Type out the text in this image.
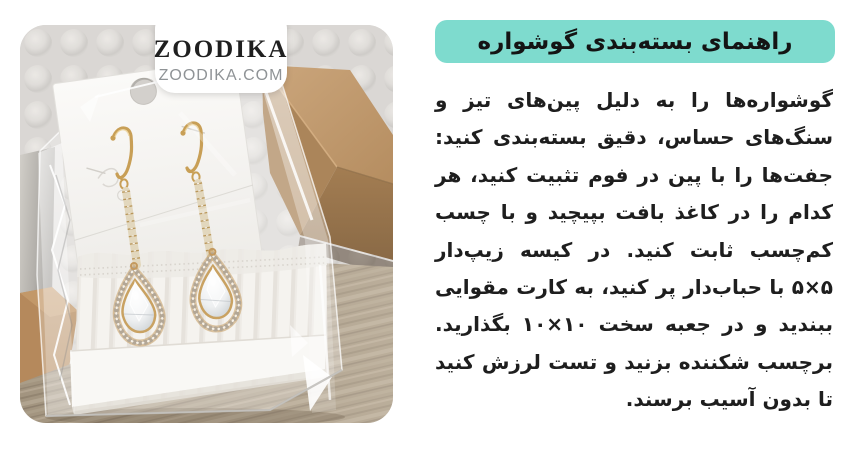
ZOODIKA
ZOODIKA.COM
راهنمای بسته‌بندی گوشواره

گوشواره‌ها را به دلیل پین‌های تیز و سنگ‌های حساس، دقیق بسته‌بندی کنید: جفت‌ها را با پین در فوم تثبیت کنید، هر کدام را در کاغذ بافت بپیچید و با چسب کم‌چسب ثابت کنید. در کیسه زیپ‌دار ۵×۵ با حباب‌دار پر کنید، به کارت مقوایی ببندید و در جعبه سخت ۱۰×۱۰ بگذارید. برچسب شکننده بزنید و تست لرزش کنید تا بدون آسیب برسند.
